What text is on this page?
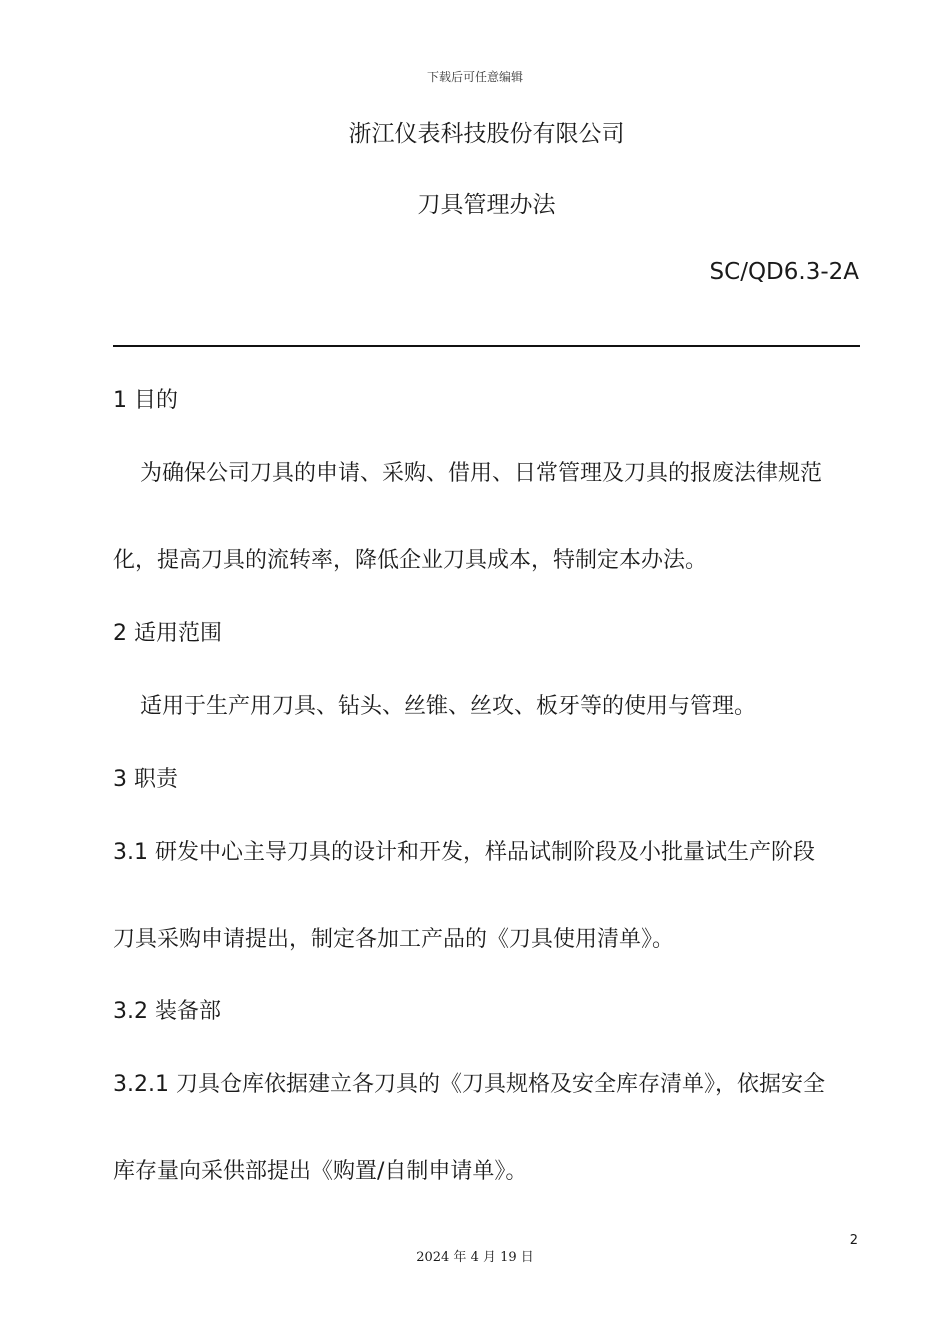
下载后可任意编辑
浙江仪表科技股份有限公司
刀具管理办法
SC/QD6.3-2A
1 目的
为确保公司刀具的申请、采购、借用、日常管理及刀具的报废法律规范
化，提高刀具的流转率，降低企业刀具成本，特制定本办法。
2 适用范围
适用于生产用刀具、钻头、丝锥、丝攻、板牙等的使用与管理。
3 职责
3.1 研发中心主导刀具的设计和开发，样品试制阶段及小批量试生产阶段
刀具采购申请提出，制定各加工产品的《刀具使用清单》。
3.2 装备部
3.2.1 刀具仓库依据建立各刀具的《刀具规格及安全库存清单》，依据安全
库存量向采供部提出《购置/自制申请单》。
2
2024 年 4 月 19 日
